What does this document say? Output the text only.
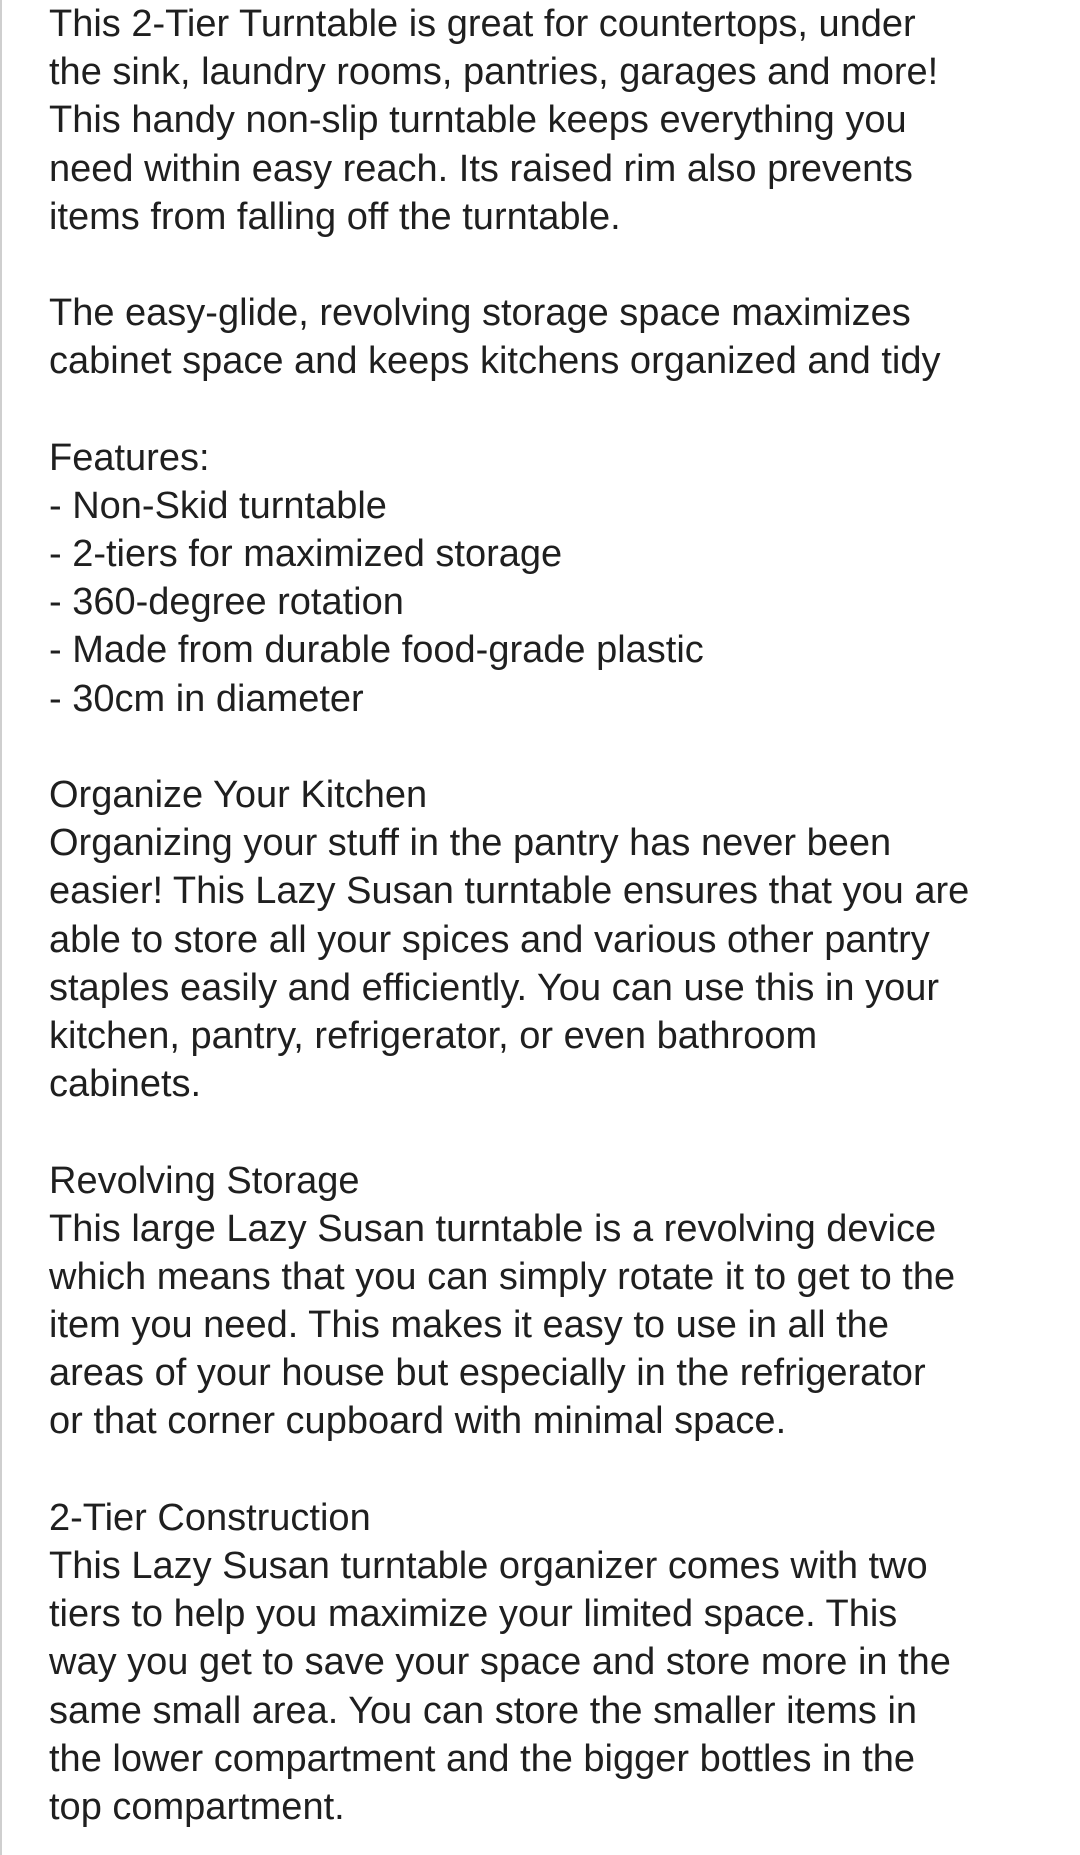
This 2-Tier Turntable is great for countertops, under
the sink, laundry rooms, pantries, garages and more!
This handy non-slip turntable keeps everything you
need within easy reach. Its raised rim also prevents
items from falling off the turntable.
The easy-glide, revolving storage space maximizes
cabinet space and keeps kitchens organized and tidy
Features:
- Non-Skid turntable
- 2-tiers for maximized storage
- 360-degree rotation
- Made from durable food-grade plastic
- 30cm in diameter
Organize Your Kitchen
Organizing your stuff in the pantry has never been
easier! This Lazy Susan turntable ensures that you are
able to store all your spices and various other pantry
staples easily and efficiently. You can use this in your
kitchen, pantry, refrigerator, or even bathroom
cabinets.
Revolving Storage
This large Lazy Susan turntable is a revolving device
which means that you can simply rotate it to get to the
item you need. This makes it easy to use in all the
areas of your house but especially in the refrigerator
or that corner cupboard with minimal space.
2-Tier Construction
This Lazy Susan turntable organizer comes with two
tiers to help you maximize your limited space. This
way you get to save your space and store more in the
same small area. You can store the smaller items in
the lower compartment and the bigger bottles in the
top compartment.
